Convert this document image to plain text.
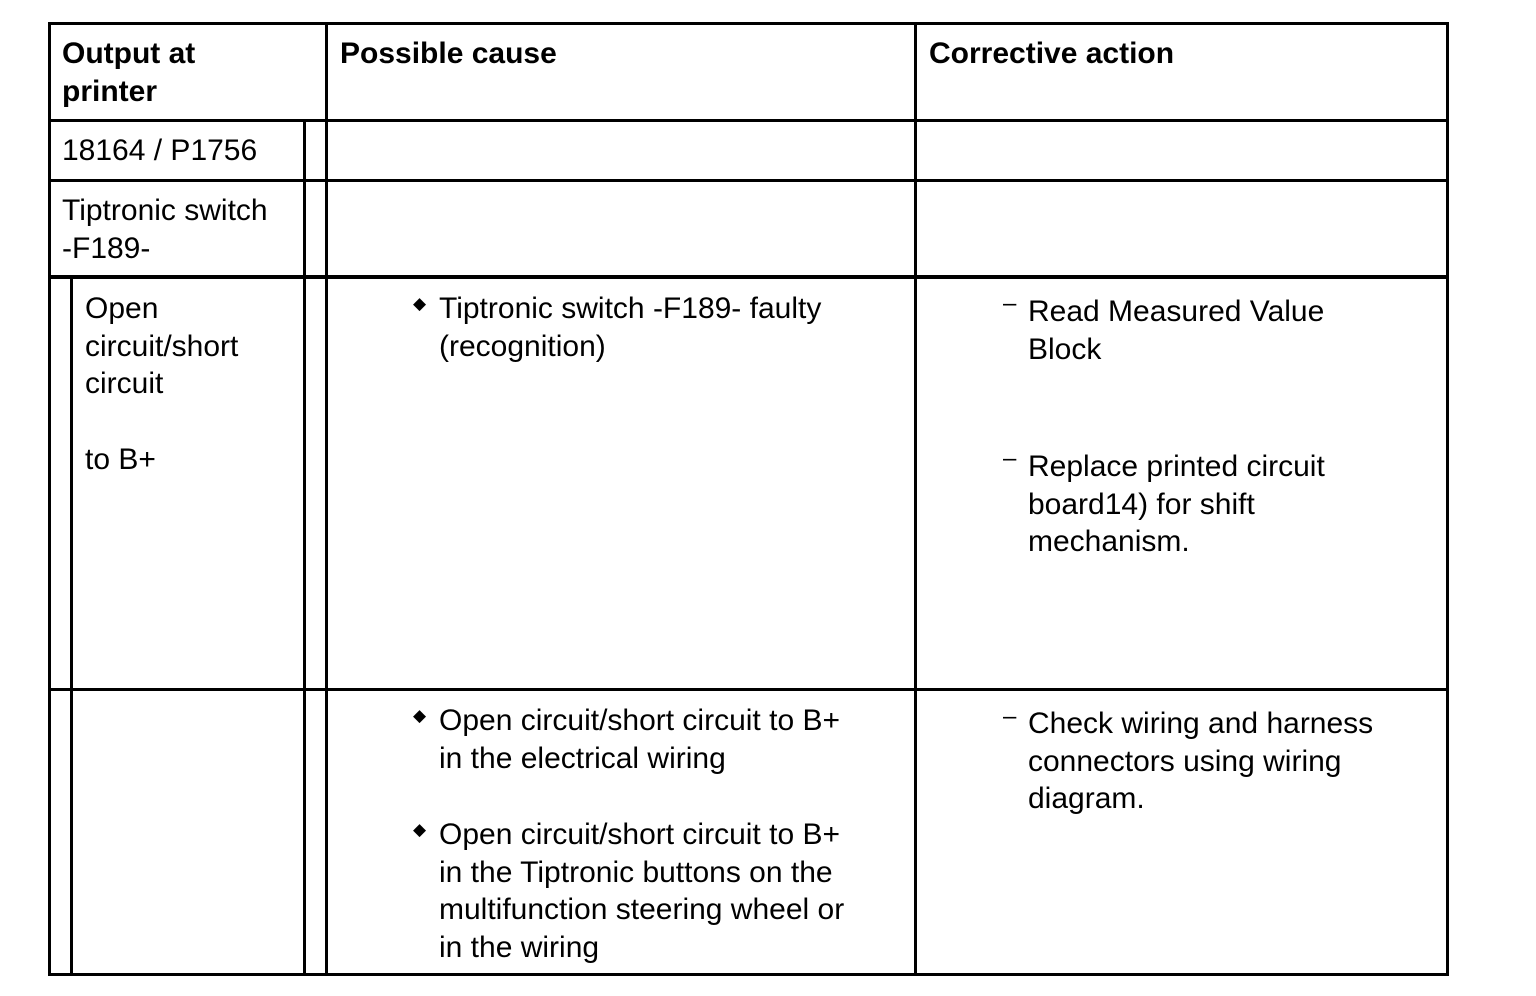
Output at
printer
Possible cause	Corrective action
18164 / P1756
Tiptronic switch
-F189-
Open
circuit/short
circuit
to B+
◆ Tiptronic switch -F189- faulty
(recognition)
– Read Measured Value
Block
– Replace printed circuit
board14) for shift
mechanism.
◆ Open circuit/short circuit to B+
in the electrical wiring
◆ Open circuit/short circuit to B+
in the Tiptronic buttons on the
multifunction steering wheel or
in the wiring
– Check wiring and harness
connectors using wiring
diagram.
